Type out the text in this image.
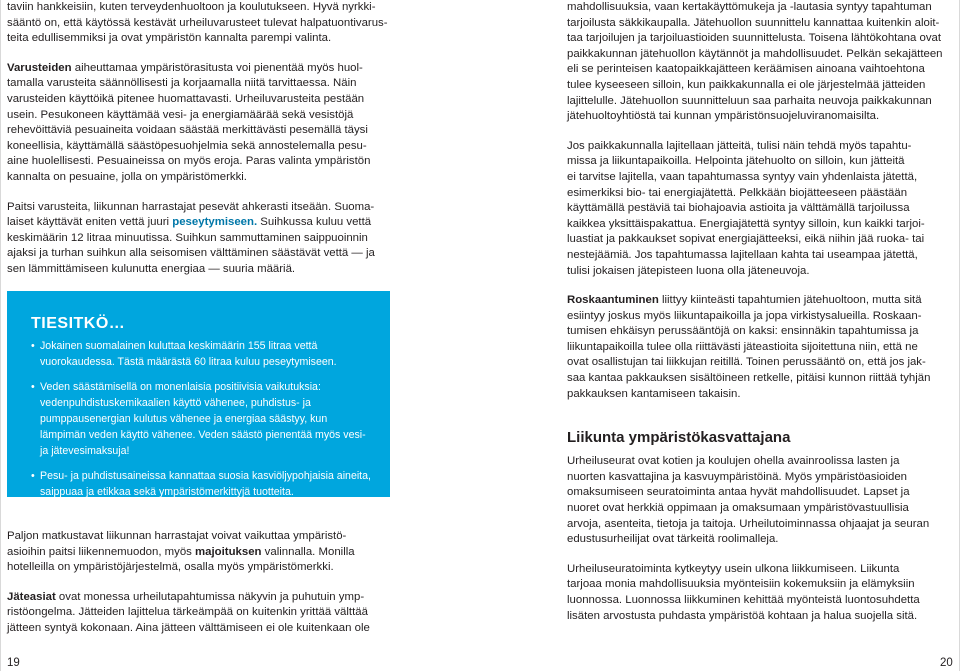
taviin hankkeisiin, kuten terveydenhuoltoon ja koulutukseen. Hyvä nyrkki-
sääntö on, että käytössä kestävät urheiluvarusteet tulevat halpatuontivarus-
teita edullisemmiksi ja ovat ympäristön kannalta parempi valinta.

Varusteiden aiheuttamaa ympäristörasitusta voi pienentää myös huol-
tamalla varusteita säännöllisesti ja korjaamalla niitä tarvittaessa. Näin
varusteiden käyttöikä pitenee huomattavasti. Urheiluvarusteita pestään
usein. Pesukoneen käyttämää vesi- ja energiamäärää sekä vesistöjä
rehevöittäviä pesuaineita voidaan säästää merkittävästi pesemällä täysi
koneellisia, käyttämällä säästöpesuohjelmia sekä annostelemalla pesu-
aine huolellisesti. Pesuaineissa on myös eroja. Paras valinta ympäristön
kannalta on pesuaine, jolla on ympäristömerkki.

Paitsi varusteita, liikunnan harrastajat pesevät ahkerasti itseään. Suoma-
laiset käyttävät eniten vettä juuri peseytymiseen. Suihkussa kuluu vettä
keskimäärin 12 litraa minuutissa. Suihkun sammuttaminen saippuoinnin
ajaksi ja turhan suihkun alla seisomisen välttäminen säästävät vettä — ja
sen lämmittämiseen kulunutta energiaa — suuria määriä.

TIESITKÖ…
• Jokainen suomalainen kuluttaa keskimäärin 155 litraa vettä vuorokaudessa. Tästä määrästä 60 litraa kuluu peseytymiseen.
• Veden säästämisellä on monenlaisia positiivisia vaikutuksia: vedenpuhdistuskemikaalien käyttö vähenee, puhdistus- ja pumppausenergian kulutus vähenee ja energiaa säästyy, kun lämpimän veden käyttö vähenee. Veden säästö pienentää myös vesi- ja jätevesimaksuja!
• Pesu- ja puhdistusaineissa kannattaa suosia kasviöljypohjaisia aineita, saippuaa ja etikkaa sekä ympäristömerkittyjä tuotteita.

Paljon matkustavat liikunnan harrastajat voivat vaikuttaa ympäristö-
asioihin paitsi liikennemuodon, myös majoituksen valinnalla. Monilla
hotelleilla on ympäristöjärjestelmä, osalla myös ympäristömerkki.

Jäteasiat ovat monessa urheilutapahtumissa näkyvin ja puhutuin ymp-
ristöongelma. Jätteiden lajittelua tärkeämpää on kuitenkin yrittää välttää
jätteen syntyä kokonaan. Aina jätteen välttämiseen ei ole kuitenkaan ole

19

mahdollisuuksia, vaan kertakäyttömukeja ja -lautasia syntyy tapahtuman
tarjoilusta säkkikaupalla. Jätehuollon suunnittelu kannattaa kuitenkin aloit-
taa tarjoilujen ja tarjoiluastioiden suunnittelusta. Toisena lähtökohtana ovat
paikkakunnan jätehuollon käytännöt ja mahdollisuudet. Pelkän sekajätteen
eli se perinteisen kaatopaikkajätteen keräämisen ainoana vaihtoehtona
tulee kyseeseen silloin, kun paikkakunnalla ei ole järjestelmää jätteiden
lajittelulle. Jätehuollon suunnitteluun saa parhaita neuvoja paikkakunnan
jätehuoltoyhtiöstä tai kunnan ympäristönsuojeluviranomaisilta.

Jos paikkakunnalla lajitellaan jätteitä, tulisi näin tehdä myös tapahtu-
missa ja liikuntapaikoilla. Helpointa jätehuolto on silloin, kun jätteitä
ei tarvitse lajitella, vaan tapahtumassa syntyy vain yhdenlaista jätettä,
esimerkiksi bio- tai energiajätettä. Pelkkään biojätteeseen päästään
käyttämällä pestäviä tai biohajoavia astioita ja välttämällä tarjoilussa
kaikkea yksittäispakattua. Energiajätettä syntyy silloin, kun kaikki tarjoi-
luastiat ja pakkaukset sopivat energiajätteeksi, eikä niihin jää ruoka- tai
nestejäämiä. Jos tapahtumassa lajitellaan kahta tai useampaa jätettä,
tulisi jokaisen jätepisteen luona olla jäteneuvoja.

Roskaantuminen liittyy kiinteästi tapahtumien jätehuoltoon, mutta sitä
esiintyy joskus myös liikuntapaikoilla ja jopa virkistysalueilla. Roskaan-
tumisen ehkäisyn perussääntöjä on kaksi: ensinnäkin tapahtumissa ja
liikuntapaikoilla tulee olla riittävästi jäteastioita sijoitettuna niin, että ne
ovat osallistujan tai liikkujan reitillä. Toinen perussääntö on, että jos jak-
saa kantaa pakkauksen sisältöineen retkelle, pitäisi kunnon riittää tyhjän
pakkauksen kantamiseen takaisin.

Liikunta ympäristökasvattajana

Urheiluseurat ovat kotien ja koulujen ohella avainroolissa lasten ja
nuorten kasvattajina ja kasvuympäristöinä. Myös ympäristöasioiden
omaksumiseen seuratoiminta antaa hyvät mahdollisuudet. Lapset ja
nuoret ovat herkkiä oppimaan ja omaksumaan ympäristövastuullisia
arvoja, asenteita, tietoja ja taitoja. Urheilutoiminnassa ohjaajat ja seuran
edustusurheilijat ovat tärkeitä roolimalleja.

Urheiluseuratoiminta kytkeytyy usein ulkona liikkumiseen. Liikunta
tarjoaa monia mahdollisuuksia myönteisiin kokemuksiin ja elämyksiin
luonnossa. Luonnossa liikkuminen kehittää myönteistä luontosuhdetta
lisäten arvostusta puhdasta ympäristöä kohtaan ja halua suojella sitä.

20
